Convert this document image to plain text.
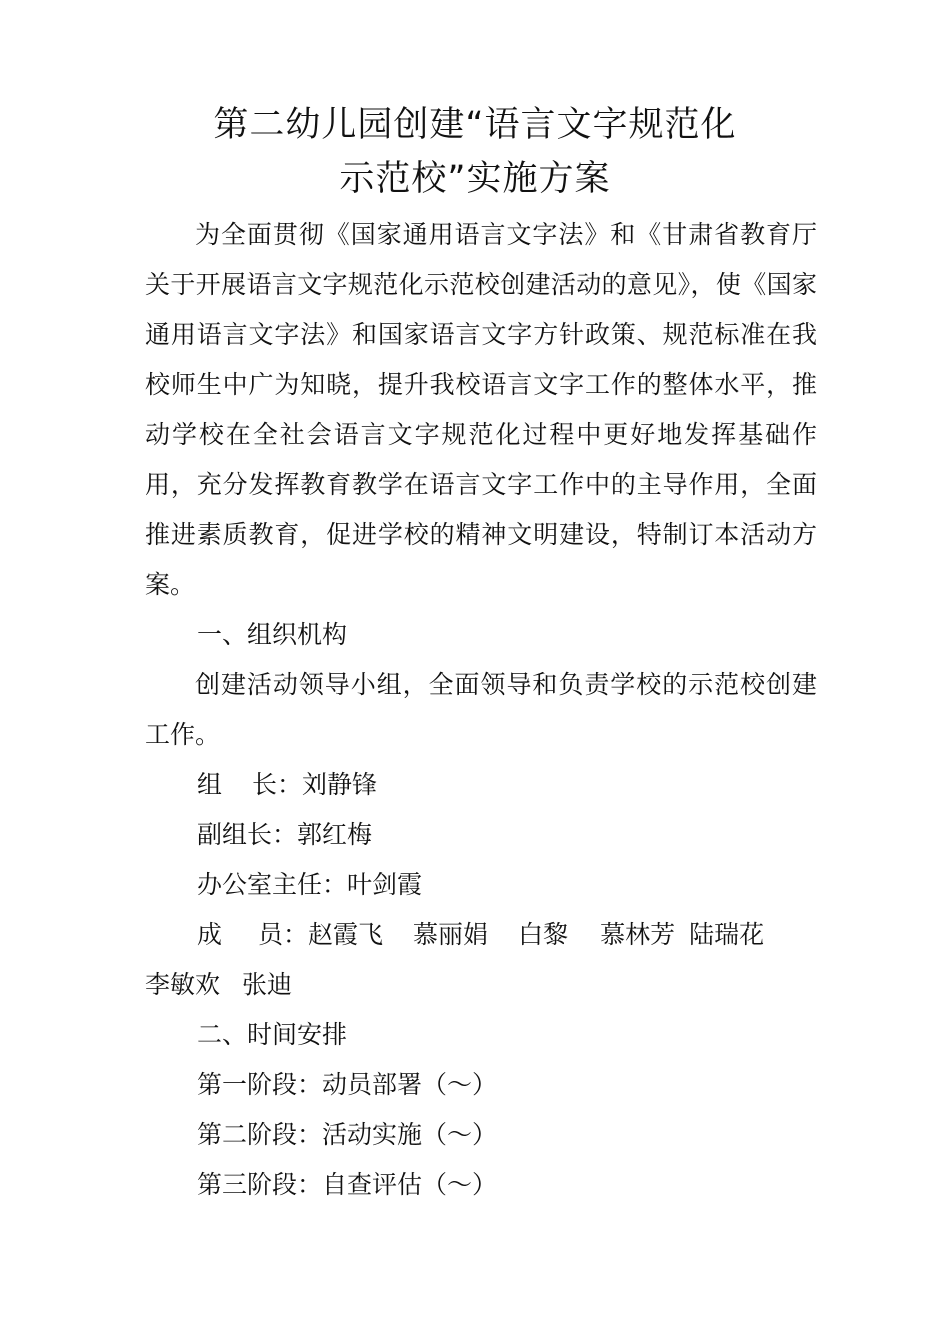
第二幼儿园创建“语言文字规范化
示范校”实施方案

为全面贯彻《国家通用语言文字法》和《甘肃省教育厅关于开展语言文字规范化示范校创建活动的意见》，使《国家通用语言文字法》和国家语言文字方针政策、规范标准在我校师生中广为知晓，提升我校语言文字工作的整体水平，推动学校在全社会语言文字规范化过程中更好地发挥基础作用，充分发挥教育教学在语言文字工作中的主导作用，全面推进素质教育，促进学校的精神文明建设，特制订本活动方案。

一、组织机构

创建活动领导小组，全面领导和负责学校的示范校创建工作。

组 长：刘静锋

副组长：郭红梅

办公室主任：叶剑霞

成 员：赵霞飞 慕丽娟 白黎 慕林芳 陆瑞花

李敏欢 张迪

二、时间安排

第一阶段：动员部署（～）

第二阶段：活动实施（～）

第三阶段：自查评估（～）
